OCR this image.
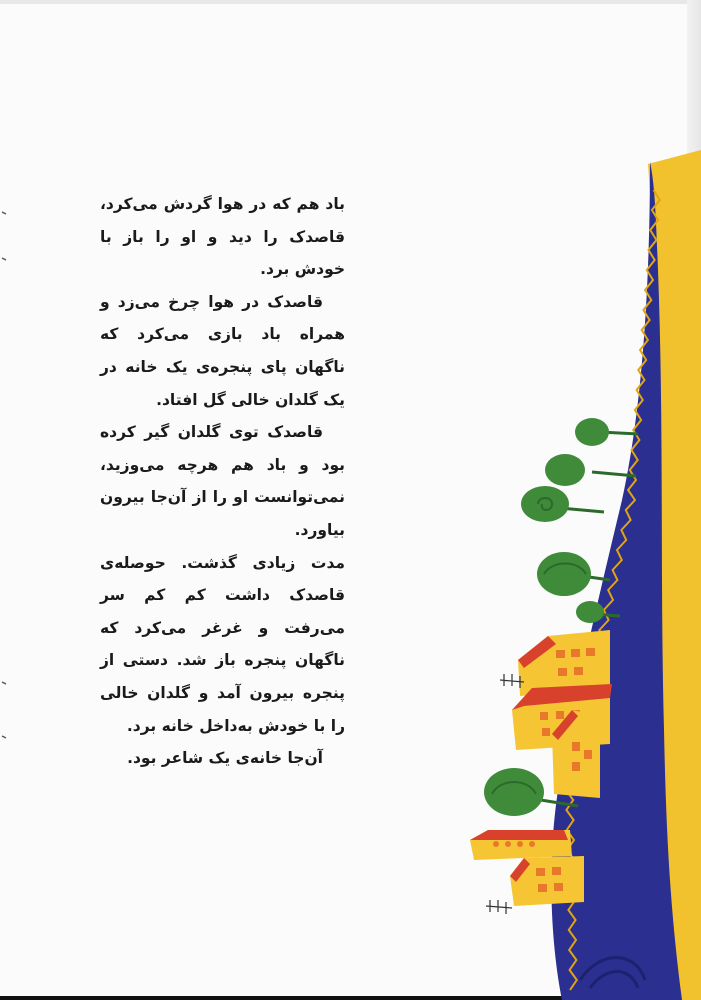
باد هم که در هوا گردش می‌کرد، قاصدک را دید و او را باز با خودش برد.

قاصدک در هوا چرخ می‌زد و همراه باد بازی می‌کرد که ناگهان پای پنجره‌ی یک خانه در یک گلدان خالی گل افتاد.

قاصدک توی گلدان گیر کرده بود و باد هم هرچه می‌وزید، نمی‌توانست او را از آن‌جا بیرون بیاورد.

مدت زیادی گذشت. حوصله‌ی قاصدک داشت کم کم سر می‌رفت و غرغر می‌کرد که ناگهان پنجره باز شد. دستی از پنجره بیرون آمد و گلدان خالی را با خودش به‌داخل خانه برد.

آن‌جا خانه‌ی یک شاعر بود.
